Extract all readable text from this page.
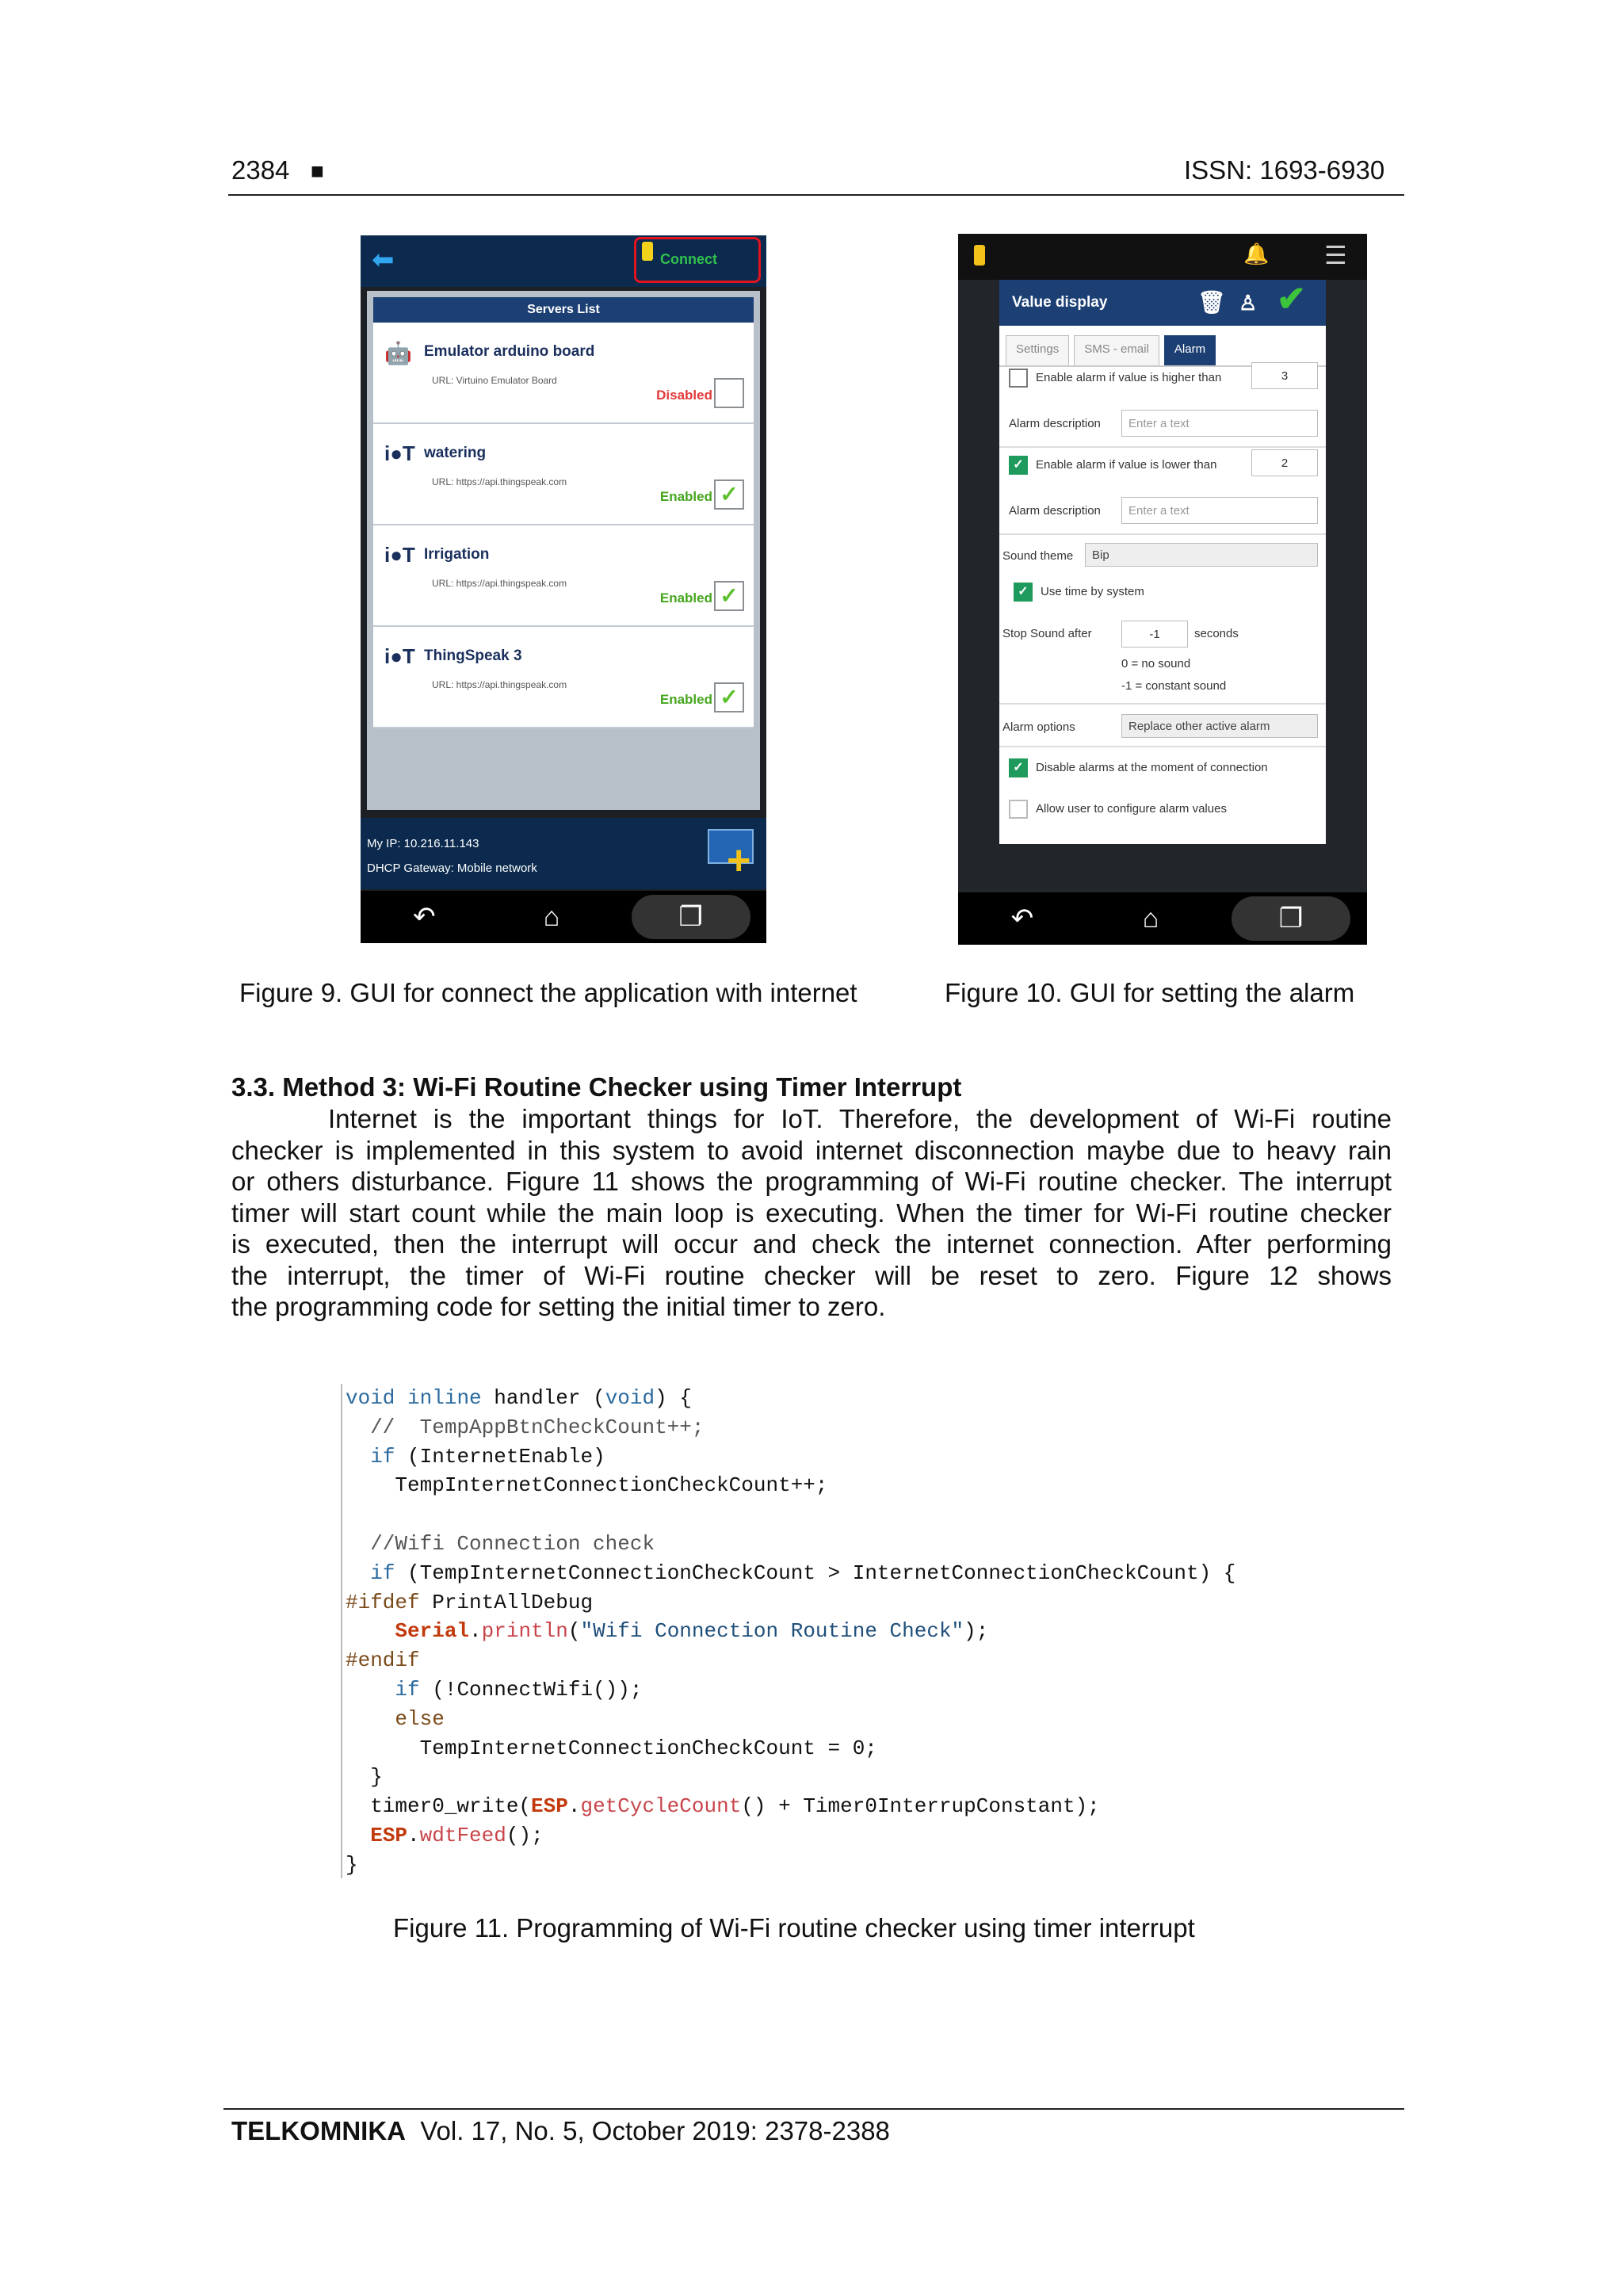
2384 ■	ISSN: 1693-6930
⬅	Connect
Servers List
🤖 Emulator arduino board
URL: Virtuino Emulator Board
Disabled
i●T watering
URL: https://api.thingspeak.com
Enabled ✓
i●T Irrigation
URL: https://api.thingspeak.com
Enabled ✓
i●T ThingSpeak 3
URL: https://api.thingspeak.com
Enabled ✓
My IP: 10.216.11.143
DHCP Gateway: Mobile network	+
↶	⌂	❐
🔔 ☰
Value display	🗑 ♙ ✔
Settings	SMS - email	Alarm
Enable alarm if value is higher than	3
Alarm description	Enter a text
✓ Enable alarm if value is lower than	2
Alarm description	Enter a text
Sound theme	Bip
✓ Use time by system
Stop Sound after	-1	seconds
0 = no sound
-1 = constant sound
Alarm options	Replace other active alarm
✓ Disable alarms at the moment of connection
Allow user to configure alarm values
↶	⌂	❐
Figure 9. GUI for connect the application with internet	Figure 10. GUI for setting the alarm
3.3. Method 3: Wi-Fi Routine Checker using Timer Interrupt
Internet is the important things for IoT. Therefore, the development of Wi-Fi routine
checker is implemented in this system to avoid internet disconnection maybe due to heavy rain
or others disturbance. Figure 11 shows the programming of Wi-Fi routine checker. The interrupt
timer will start count while the main loop is executing. When the timer for Wi-Fi routine checker
is executed, then the interrupt will occur and check the internet connection. After performing
the interrupt, the timer of Wi-Fi routine checker will be reset to zero. Figure 12 shows
the programming code for setting the initial timer to zero.
void inline handler (void) {
//  TempAppBtnCheckCount++;
if (InternetEnable)
TempInternetConnectionCheckCount++;

//Wifi Connection check
if (TempInternetConnectionCheckCount > InternetConnectionCheckCount) {
#ifdef PrintAllDebug
Serial.println("Wifi Connection Routine Check");
#endif
if (!ConnectWifi());
else
TempInternetConnectionCheckCount = 0;
}
timer0_write(ESP.getCycleCount() + Timer0InterrupConstant);
ESP.wdtFeed();
}
Figure 11. Programming of Wi-Fi routine checker using timer interrupt
TELKOMNIKA Vol. 17, No. 5, October 2019: 2378-2388
